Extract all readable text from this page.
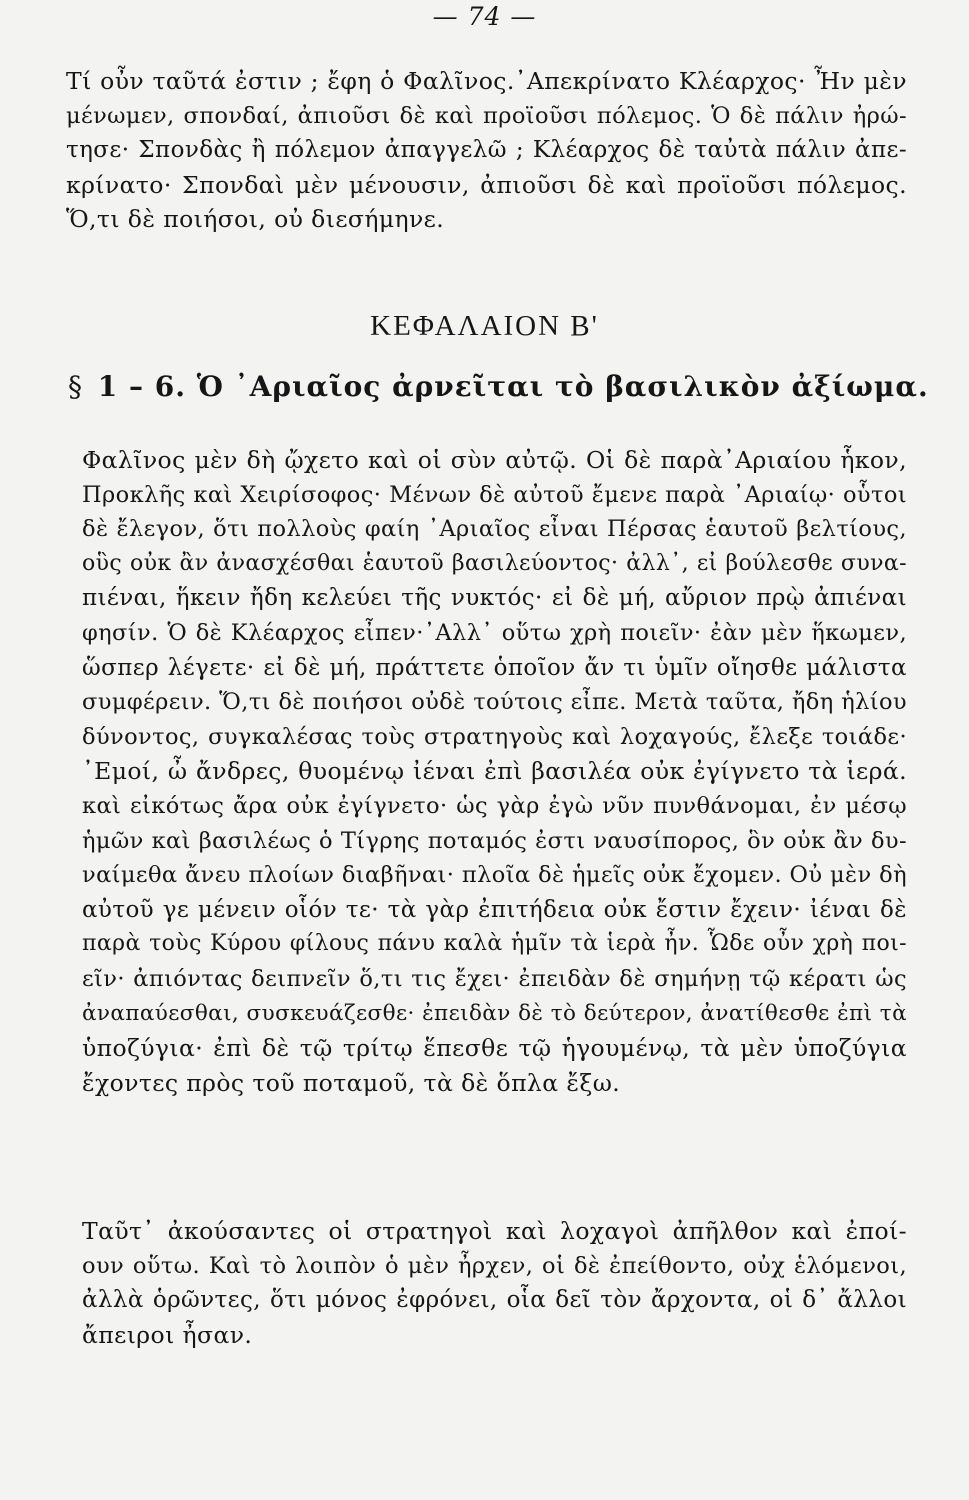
— 74 —
Τί οὖν ταῦτά ἐστιν ; ἔφη ὁ Φαλῖνος.᾽Απεκρίνατο Κλέαρχος· Ἦν μὲν
μένωμεν, σπονδαί, ἀπιοῦσι δὲ καὶ προϊοῦσι πόλεμος. Ὁ δὲ πάλιν ἠρώ-
τησε· Σπονδὰς ἢ πόλεμον ἀπαγγελῶ ; Κλέαρχος δὲ ταὐτὰ πάλιν ἀπε-
κρίνατο· Σπονδαὶ μὲν μένουσιν, ἀπιοῦσι δὲ καὶ προϊοῦσι πόλεμος.
Ὅ,τι δὲ ποιήσοι, οὐ διεσήμηνε.
ΚΕΦΑΛΑΙΟΝ Β'
§ 1 – 6. Ὁ ᾽Αριαῖος ἀρνεῖται τὸ βασιλικὸν ἀξίωμα.
Φαλῖνος μὲν δὴ ᾤχετο καὶ οἱ σὺν αὐτῷ. Οἱ δὲ παρὰ᾽Αριαίου ἧκον,
Προκλῆς καὶ Χειρίσοφος· Μένων δὲ αὐτοῦ ἔμενε παρὰ ᾽Αριαίῳ· οὗτοι
δὲ ἔλεγον, ὅτι πολλοὺς φαίη ᾽Αριαῖος εἶναι Πέρσας ἑαυτοῦ βελτίους,
οὓς οὐκ ἂν ἀνασχέσθαι ἑαυτοῦ βασιλεύοντος· ἀλλ᾽, εἰ βούλεσθε συνα-
πιέναι, ἥκειν ἤδη κελεύει τῆς νυκτός· εἰ δὲ μή, αὔριον πρῲ ἀπιέναι
φησίν. Ὁ δὲ Κλέαρχος εἶπεν·᾽Αλλ᾽ οὕτω χρὴ ποιεῖν· ἐὰν μὲν ἥκωμεν,
ὥσπερ λέγετε· εἰ δὲ μή, πράττετε ὁποῖον ἄν τι ὑμῖν οἴησθε μάλιστα
συμφέρειν. Ὅ,τι δὲ ποιήσοι οὐδὲ τούτοις εἶπε. Μετὰ ταῦτα, ἤδη ἡλίου
δύνοντος, συγκαλέσας τοὺς στρατηγοὺς καὶ λοχαγούς, ἔλεξε τοιάδε·
᾽Εμοί, ὦ ἄνδρες, θυομένῳ ἰέναι ἐπὶ βασιλέα οὐκ ἐγίγνετο τὰ ἱερά.
καὶ εἰκότως ἄρα οὐκ ἐγίγνετο· ὡς γὰρ ἐγὼ νῦν πυνθάνομαι, ἐν μέσῳ
ἡμῶν καὶ βασιλέως ὁ Τίγρης ποταμός ἐστι ναυσίπορος, ὃν οὐκ ἂν δυ-
ναίμεθα ἄνευ πλοίων διαβῆναι· πλοῖα δὲ ἡμεῖς οὐκ ἔχομεν. Οὐ μὲν δὴ
αὐτοῦ γε μένειν οἷόν τε· τὰ γὰρ ἐπιτήδεια οὐκ ἔστιν ἔχειν· ἰέναι δὲ
παρὰ τοὺς Κύρου φίλους πάνυ καλὰ ἡμῖν τὰ ἱερὰ ἦν. Ὧδε οὖν χρὴ ποι-
εῖν· ἀπιόντας δειπνεῖν ὅ,τι τις ἔχει· ἐπειδὰν δὲ σημήνῃ τῷ κέρατι ὡς
ἀναπαύεσθαι, συσκευάζεσθε· ἐπειδὰν δὲ τὸ δεύτερον, ἀνατίθεσθε ἐπὶ τὰ
ὑποζύγια· ἐπὶ δὲ τῷ τρίτῳ ἕπεσθε τῷ ἡγουμένῳ, τὰ μὲν ὑποζύγια
ἔχοντες πρὸς τοῦ ποταμοῦ, τὰ δὲ ὅπλα ἔξω.
Ταῦτ᾽ ἀκούσαντες οἱ στρατηγοὶ καὶ λοχαγοὶ ἀπῆλθον καὶ ἐποί-
ουν οὕτω. Καὶ τὸ λοιπὸν ὁ μὲν ἦρχεν, οἱ δὲ ἐπείθοντο, οὐχ ἑλόμενοι,
ἀλλὰ ὁρῶντες, ὅτι μόνος ἐφρόνει, οἷα δεῖ τὸν ἄρχοντα, οἱ δ᾽ ἄλλοι
ἄπειροι ἦσαν.
